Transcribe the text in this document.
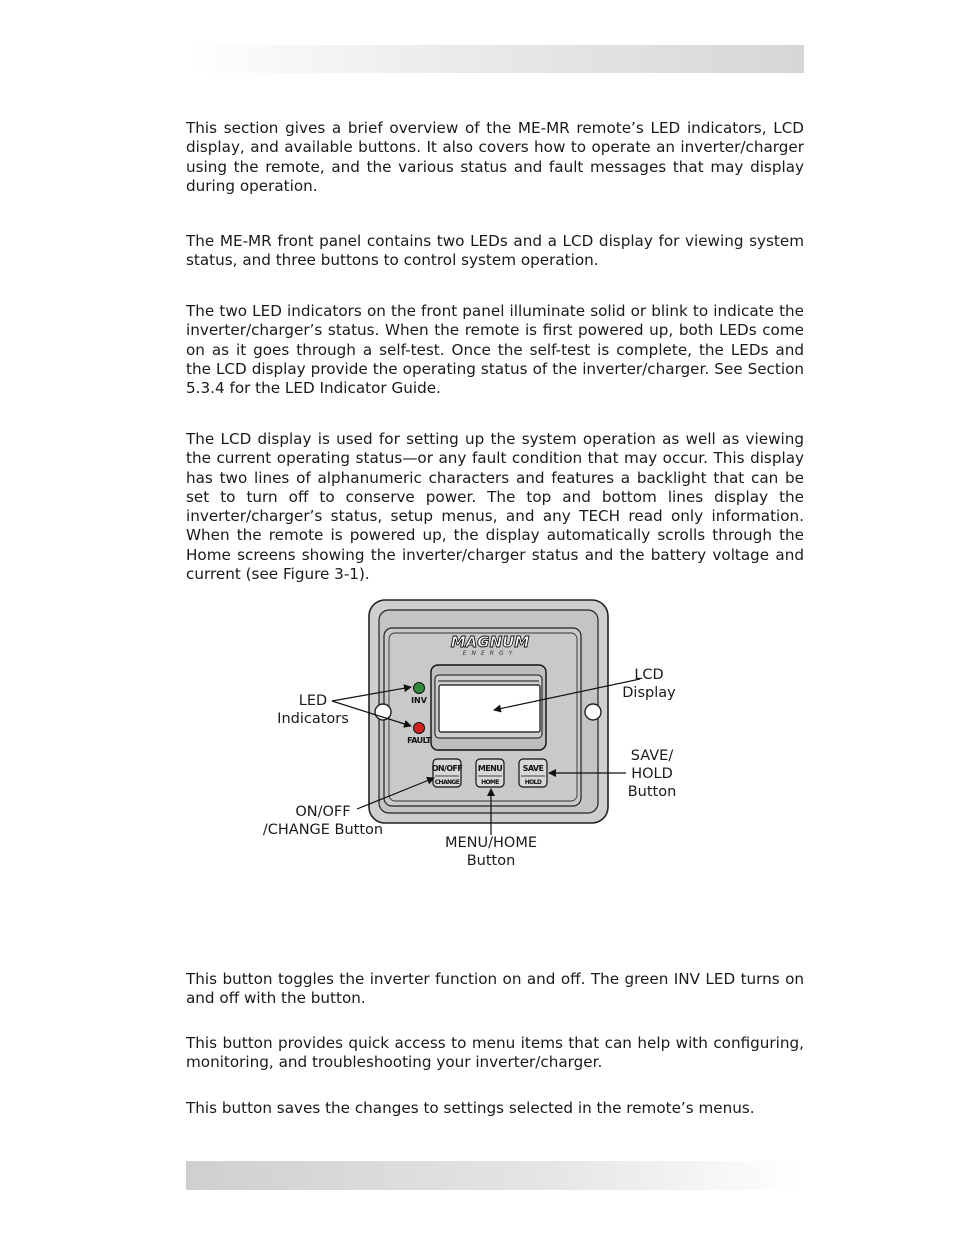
This section gives a brief overview of the ME-MR remote’s LED indicators, LCD display, and available buttons. It also covers how to operate an inverter/charger using the remote, and the various status and fault messages that may display during operation.

The ME-MR front panel contains two LEDs and a LCD display for viewing system status, and three buttons to control system operation.

The two LED indicators on the front panel illuminate solid or blink to indicate the inverter/charger’s status. When the remote is first powered up, both LEDs come on as it goes through a self-test. Once the self-test is complete, the LEDs and the LCD display provide the operating status of the inverter/charger. See Section 5.3.4 for the LED Indicator Guide.

The LCD display is used for setting up the system operation as well as viewing the current operating status—or any fault condition that may occur. This display has two lines of alphanumeric characters and features a backlight that can be set to turn off to conserve power. The top and bottom lines display the inverter/charger’s status, setup menus, and any TECH read only information. When the remote is powered up, the display automatically scrolls through the Home screens showing the inverter/charger status and the battery voltage and current (see Figure 3-1).

MAGNUM
ENERGY
INV
FAULT
ON/OFF
CHANGE
MENU
HOME
SAVE
HOLD
LED
Indicators
LCD
Display
SAVE/
HOLD
Button
ON/OFF
/CHANGE Button
MENU/HOME
Button

This button toggles the inverter function on and off. The green INV LED turns on and off with the button.

This button provides quick access to menu items that can help with configuring, monitoring, and troubleshooting your inverter/charger.

This button saves the changes to settings selected in the remote’s menus.
